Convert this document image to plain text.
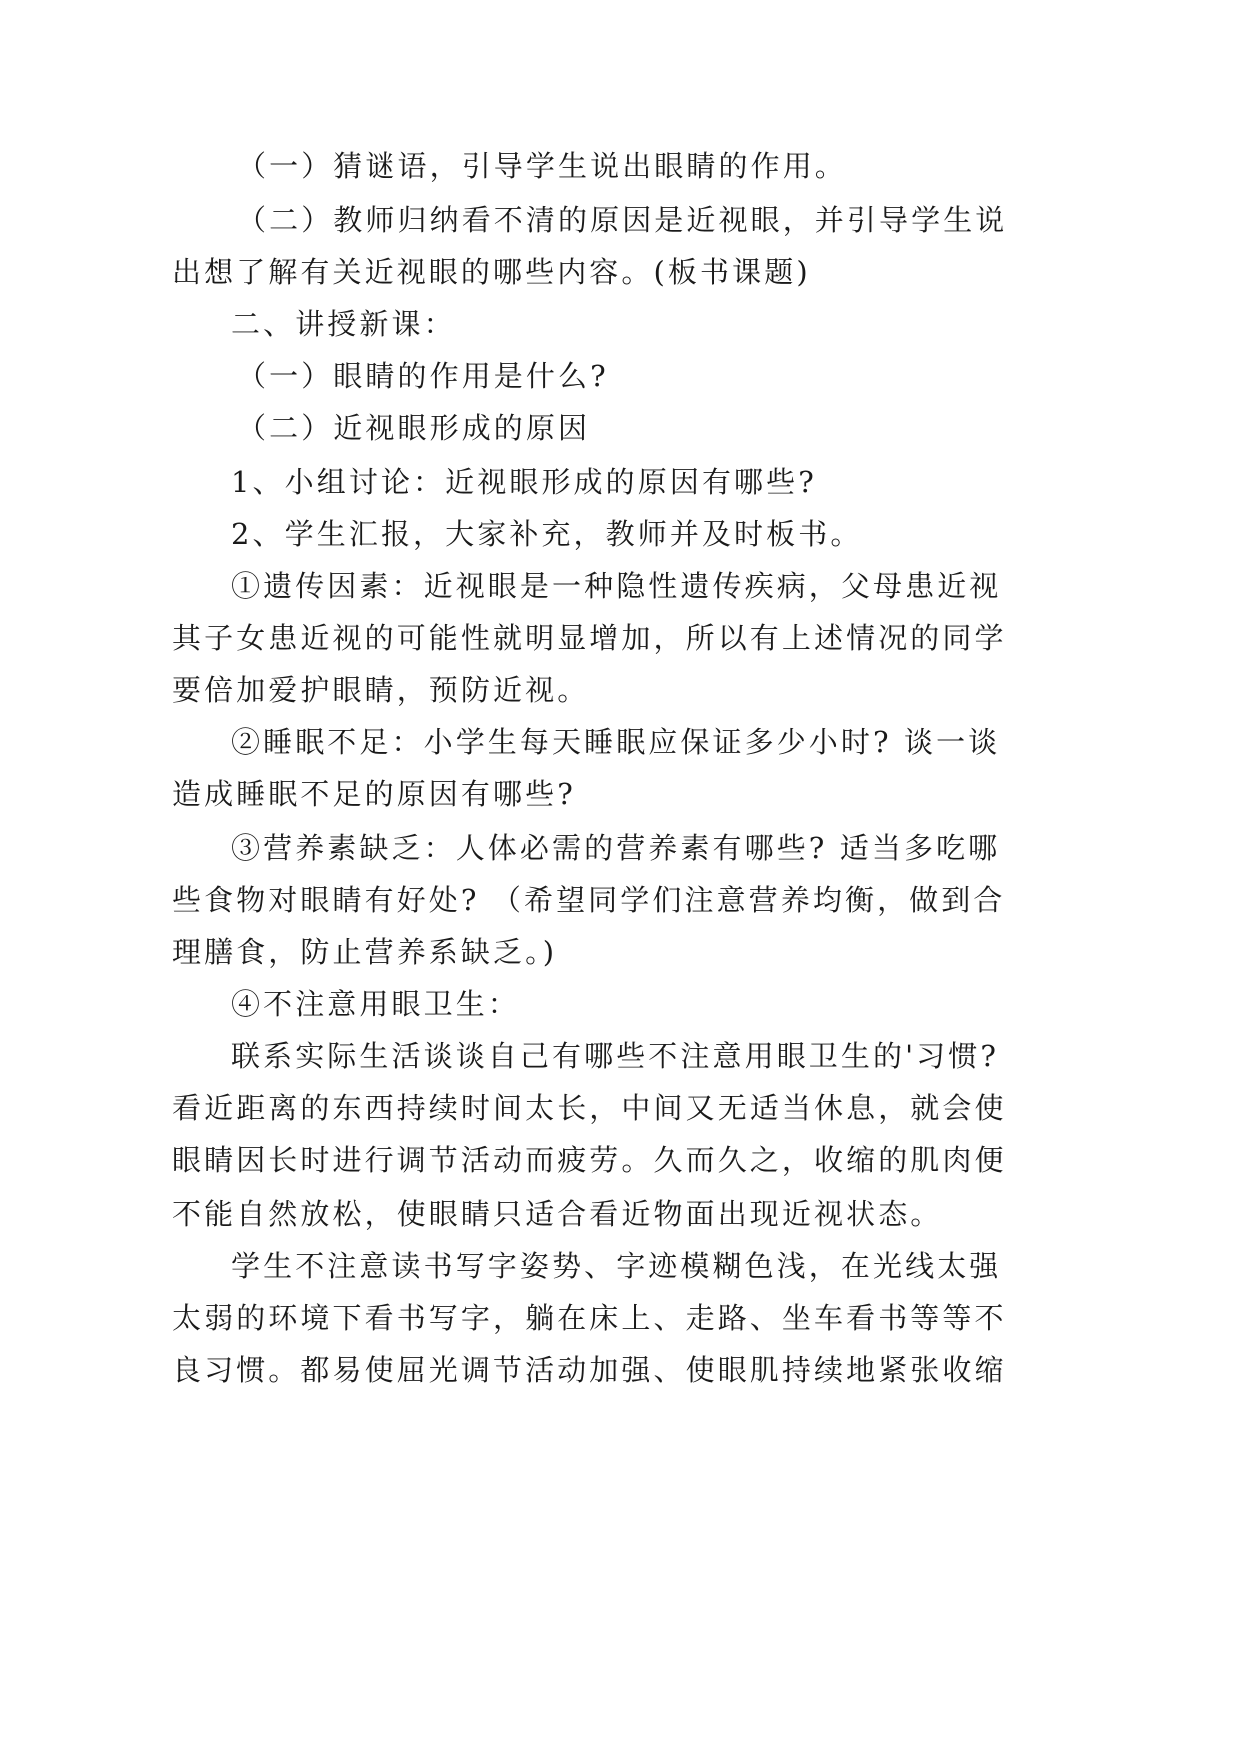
（一）猜谜语，引导学生说出眼睛的作用。
（二）教师归纳看不清的原因是近视眼，并引导学生说
出想了解有关近视眼的哪些内容。(板书课题)
二、讲授新课：
（一）眼睛的作用是什么?
（二）近视眼形成的原因
1、小组讨论：近视眼形成的原因有哪些?
2、学生汇报，大家补充，教师并及时板书。
①遗传因素：近视眼是一种隐性遗传疾病，父母患近视
其子女患近视的可能性就明显增加，所以有上述情况的同学
要倍加爱护眼睛，预防近视。
②睡眠不足：小学生每天睡眠应保证多少小时? 谈一谈
造成睡眠不足的原因有哪些?
③营养素缺乏：人体必需的营养素有哪些? 适当多吃哪
些食物对眼睛有好处? （希望同学们注意营养均衡，做到合
理膳食，防止营养系缺乏。)
④不注意用眼卫生：
联系实际生活谈谈自己有哪些不注意用眼卫生的'习惯?
看近距离的东西持续时间太长，中间又无适当休息，就会使
眼睛因长时进行调节活动而疲劳。久而久之，收缩的肌肉便
不能自然放松，使眼睛只适合看近物面出现近视状态。
学生不注意读书写字姿势、字迹模糊色浅，在光线太强
太弱的环境下看书写字，躺在床上、走路、坐车看书等等不
良习惯。都易使屈光调节活动加强、使眼肌持续地紧张收缩
